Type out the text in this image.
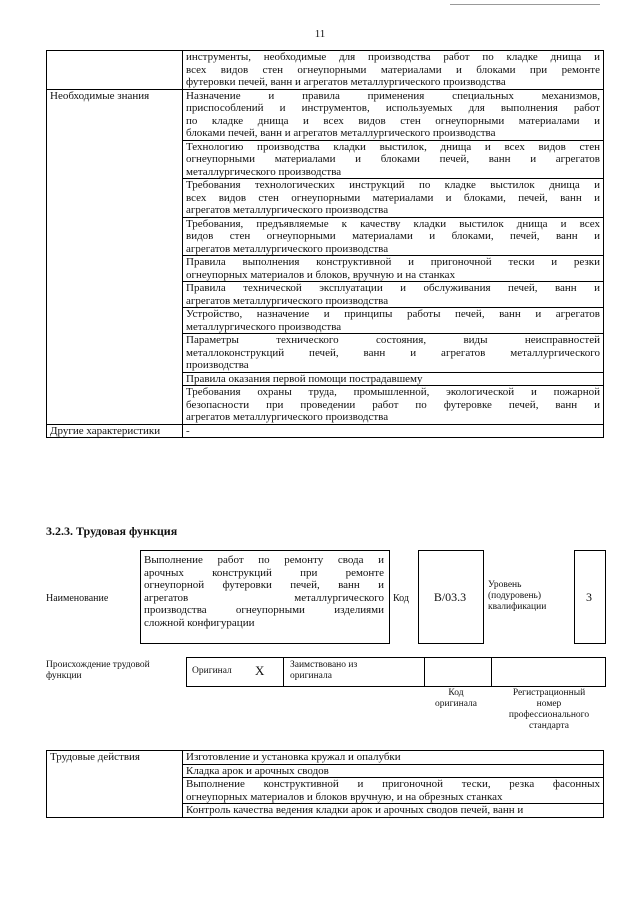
11

	инструменты, необходимые для производства работ по кладке днища и
всех видов стен огнеупорными материалами и блоками при ремонте
футеровки печей, ванн и агрегатов металлургического производства

Необходимые знания	Назначение и правила применения специальных механизмов,
приспособлений и инструментов, используемых для выполнения работ
по кладке днища и всех видов стен огнеупорными материалами и
блоками печей, ванн и агрегатов металлургического производства

	Технологию производства кладки выстилок, днища и всех видов стен
огнеупорными материалами и блоками печей, ванн и агрегатов
металлургического производства

	Требования технологических инструкций по кладке выстилок днища и
всех видов стен огнеупорными материалами и блоками, печей, ванн и
агрегатов металлургического производства

	Требования, предъявляемые к качеству кладки выстилок днища и всех
видов стен огнеупорными материалами и блоками, печей, ванн и
агрегатов металлургического производства

	Правила выполнения конструктивной и пригоночной тески и резки
огнеупорных материалов и блоков, вручную и на станках

	Правила технической эксплуатации и обслуживания печей, ванн и
агрегатов металлургического производства

	Устройство, назначение и принципы работы печей, ванн и агрегатов
металлургического производства

	Параметры технического состояния, виды неисправностей
металлоконструкций печей, ванн и агрегатов металлургического
производства

	Правила оказания первой помощи пострадавшему

	Требования охраны труда, промышленной, экологической и пожарной
безопасности при проведении работ по футеровке печей, ванн и
агрегатов металлургического производства

Другие характеристики	-
3.2.3. Трудовая функция
Наименование
Выполнение работ по ремонту свода и
арочных конструкций при ремонте
огнеупорной футеровки печей, ванн и
агрегатов металлургического
производства огнеупорными изделиями
сложной конфигурации
Код	B/03.3
Уровень
(подуровень)
квалификации
3
Происхождение трудовой
функции	Оригинал X	Заимствовано из
оригинала
Код
оригинала
Регистрационный
номер
профессионального
стандарта
Трудовые действия	Изготовление и установка кружал и опалубки

Кладка арок и арочных сводов

Выполнение конструктивной и пригоночной тески, резка фасонных
огнеупорных материалов и блоков вручную, и на обрезных станках

Контроль качества ведения кладки арок и арочных сводов печей, ванн и
